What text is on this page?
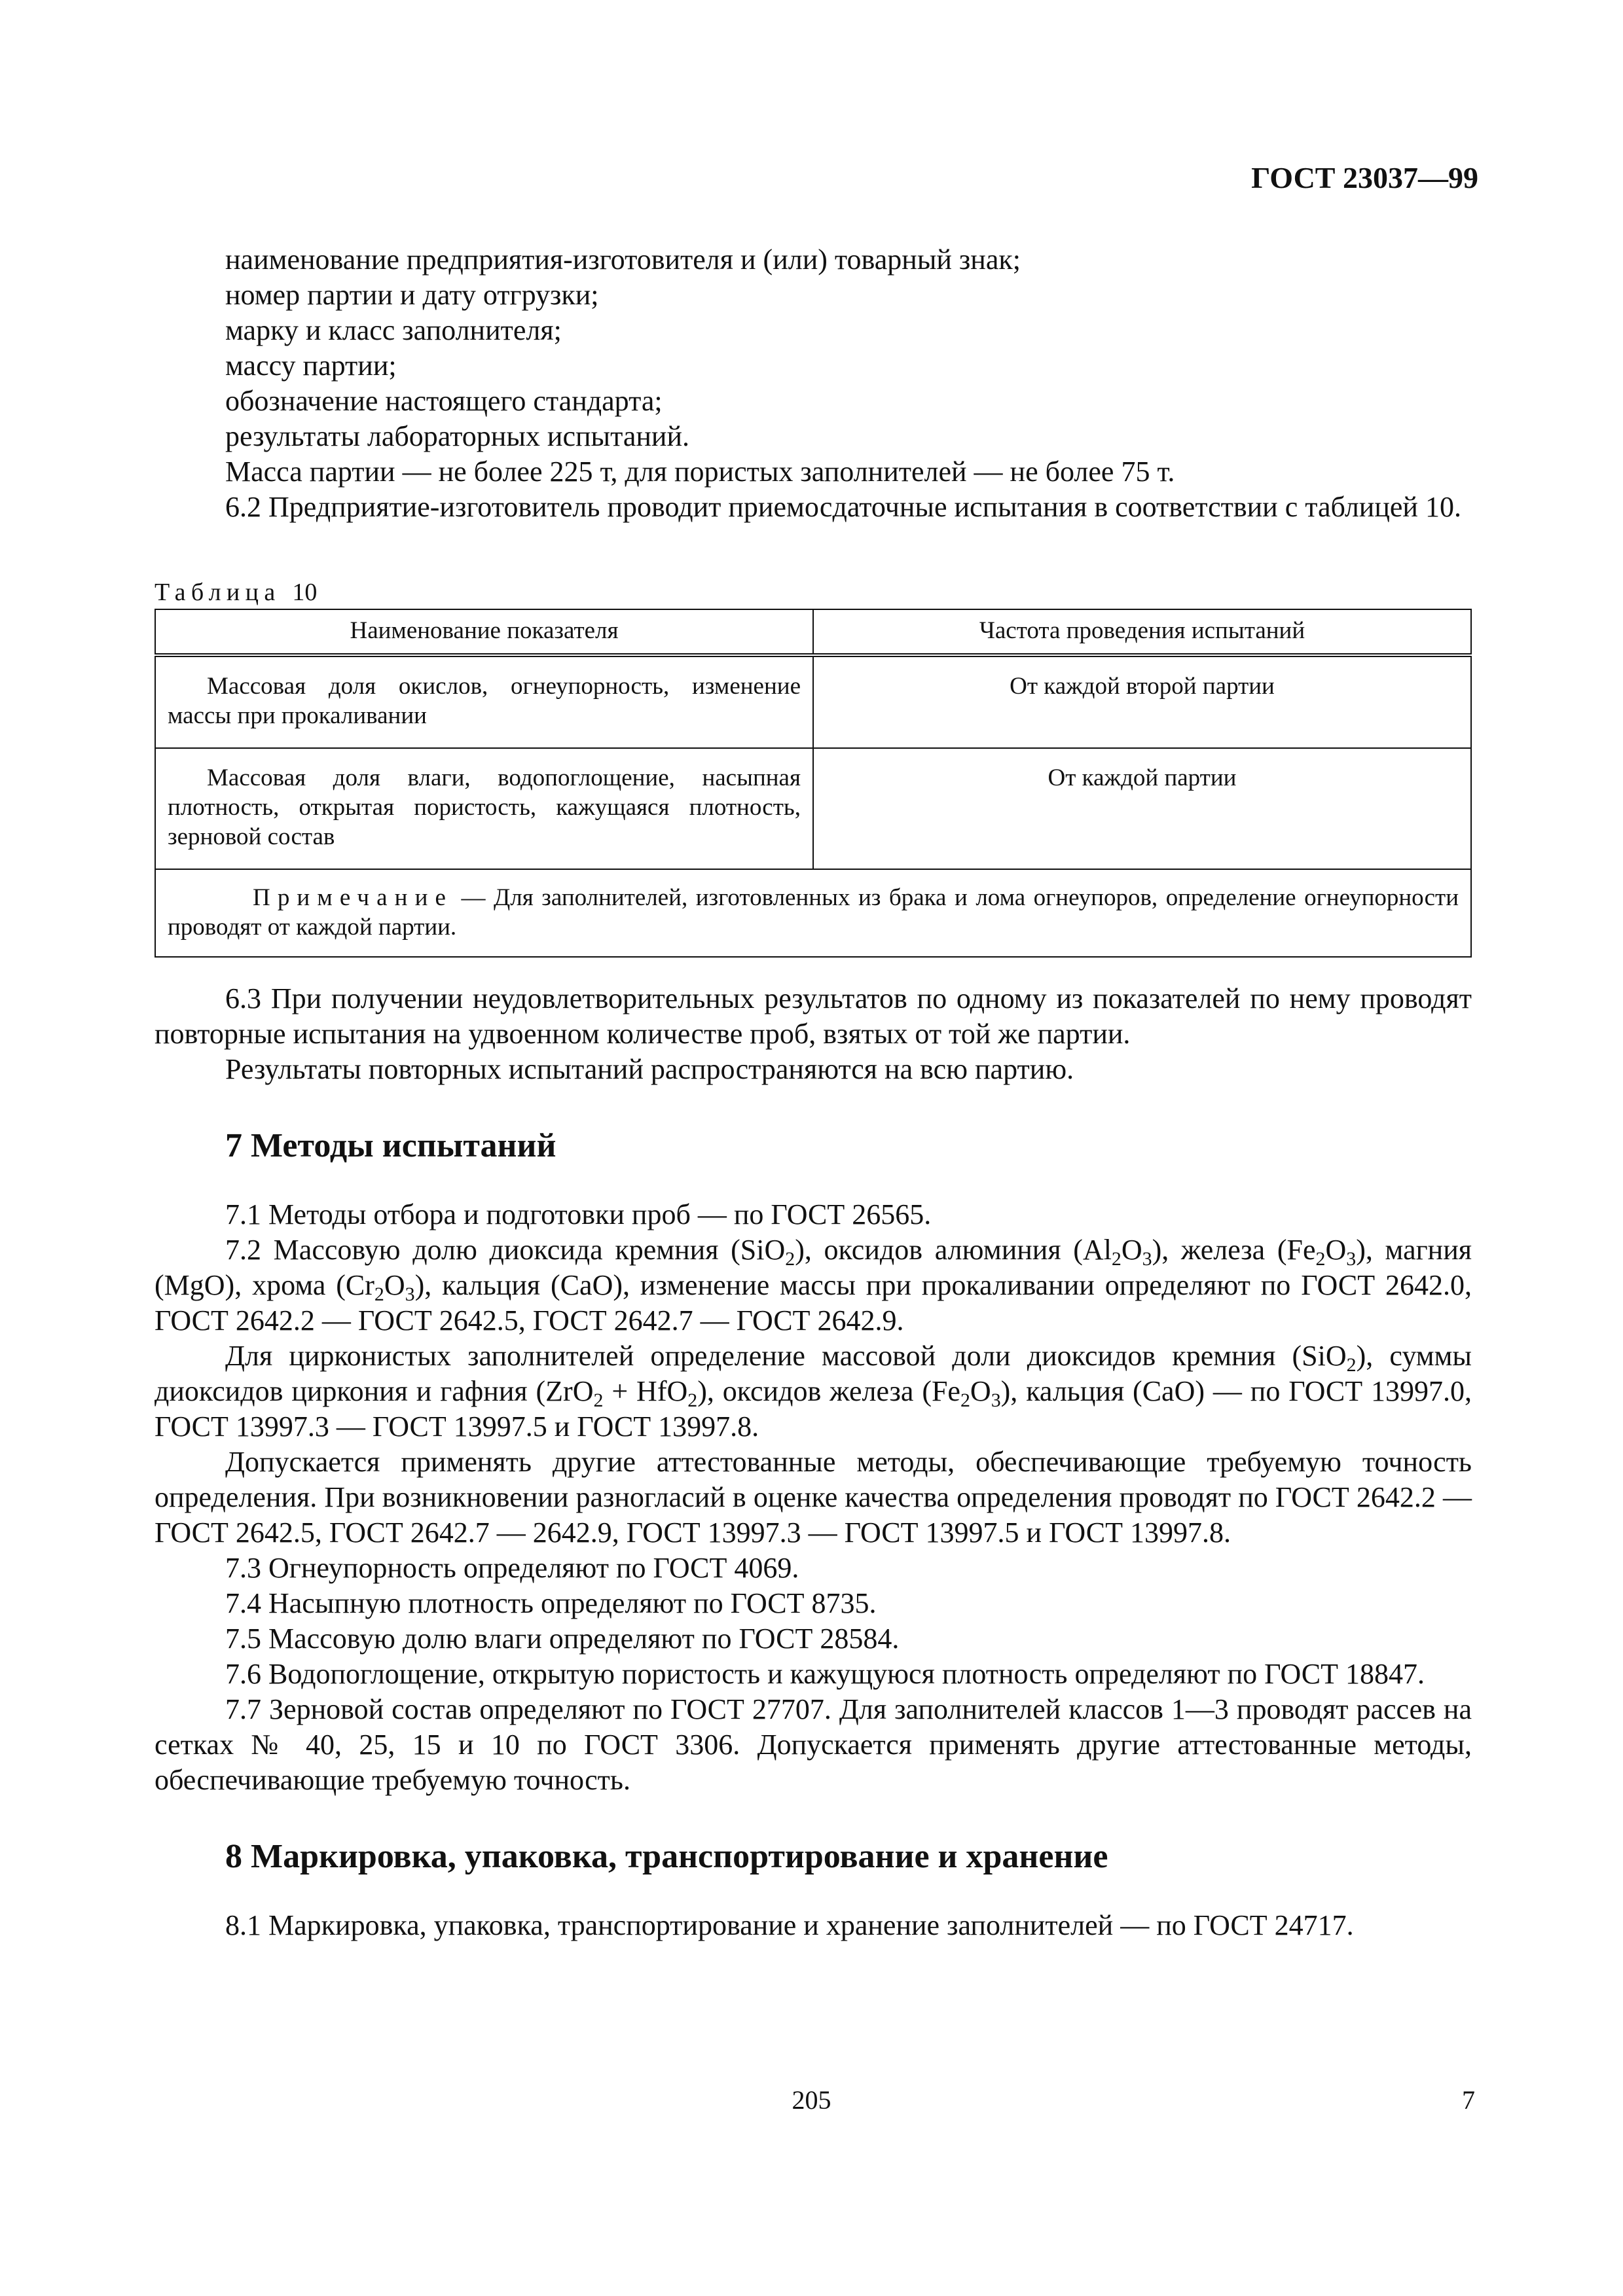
ГОСТ 23037—99
наименование предприятия-изготовителя и (или) товарный знак;
номер партии и дату отгрузки;
марку и класс заполнителя;
массу партии;
обозначение настоящего стандарта;
результаты лабораторных испытаний.

Масса партии — не более 225 т, для пористых заполнителей — не более 75 т.

6.2 Предприятие-изготовитель проводит приемосдаточные испытания в соответствии с таблицей 10.

Таблица 10

Наименование показателя	Частота проведения испытаний
Массовая доля окислов, огнеупорность, изменение массы при прокаливании	От каждой второй партии
Массовая доля влаги, водопоглощение, насыпная плотность, открытая пористость, кажущаяся плотность, зерновой состав	От каждой партии
Примечание — Для заполнителей, изготовленных из брака и лома огнеупоров, определение огнеупорности проводят от каждой партии.	

6.3 При получении неудовлетворительных результатов по одному из показателей по нему проводят повторные испытания на удвоенном количестве проб, взятых от той же партии.

Результаты повторных испытаний распространяются на всю партию.

7 Методы испытаний

7.1 Методы отбора и подготовки проб — по ГОСТ 26565.

7.2 Массовую долю диоксида кремния (SiO$_2$), оксидов алюминия $(Al_2O_3)$, железа $(Fe_2O_3)$, магния (MgO), хрома $(Cr_2O_3)$, кальция (CaO), изменение массы при прокаливании определяют по ГОСТ 2642.0, ГОСТ 2642.2 — ГОСТ 2642.5, ГОСТ 2642.7 — ГОСТ 2642.9.

Для цирконистых заполнителей определение массовой доли диоксидов кремния (SiO$_2$), суммы диоксидов циркония и гафния (ZrO$_2$ + HfO$_2$), оксидов железа $(Fe_2O_3)$, кальция (CaO) — по ГОСТ 13997.0, ГОСТ 13997.3 — ГОСТ 13997.5 и ГОСТ 13997.8.

Допускается применять другие аттестованные методы, обеспечивающие требуемую точность определения. При возникновении разногласий в оценке качества определения проводят по ГОСТ 2642.2 — ГОСТ 2642.5, ГОСТ 2642.7 — 2642.9, ГОСТ 13997.3 — ГОСТ 13997.5 и ГОСТ 13997.8.

7.3 Огнеупорность определяют по ГОСТ 4069.

7.4 Насыпную плотность определяют по ГОСТ 8735.

7.5 Массовую долю влаги определяют по ГОСТ 28584.

7.6 Водопоглощение, открытую пористость и кажущуюся плотность определяют по ГОСТ 18847.

7.7 Зерновой состав определяют по ГОСТ 27707. Для заполнителей классов 1—3 проводят рассев на сетках № 40, 25, 15 и 10 по ГОСТ 3306. Допускается применять другие аттестованные методы, обеспечивающие требуемую точность.

8 Маркировка, упаковка, транспортирование и хранение

8.1 Маркировка, упаковка, транспортирование и хранение заполнителей — по ГОСТ 24717.

205	7
